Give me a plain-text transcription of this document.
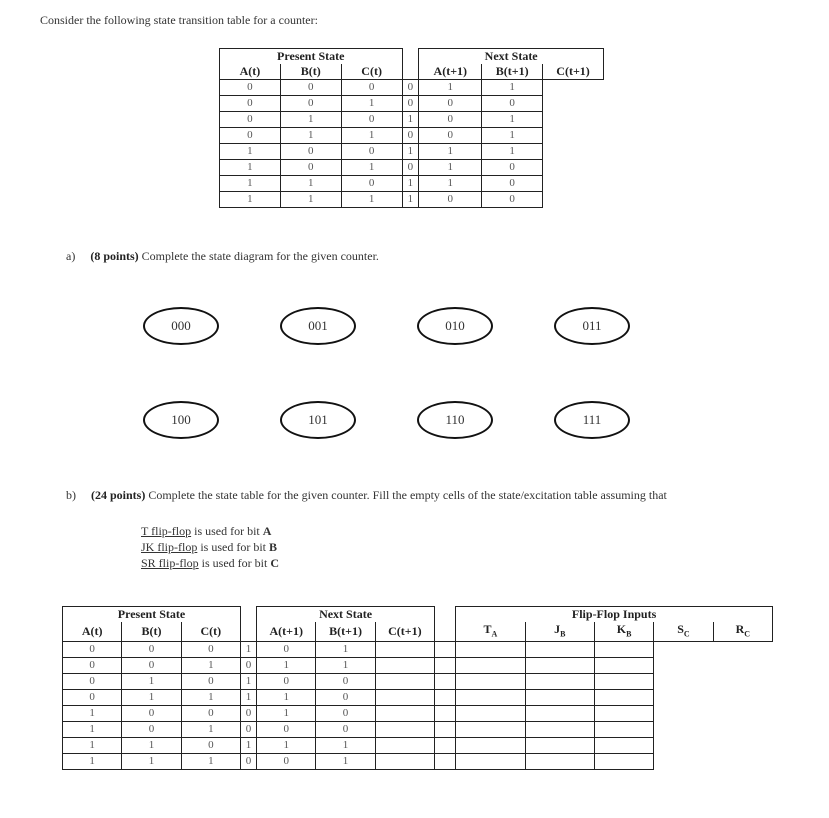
Consider the following state transition table for a counter:
Present State				Next State		
A(t)	B(t)	C(t)		A(t+1)	B(t+1)	C(t+1)
0	0	0	0	1	1	
0	0	1	0	0	0	
0	1	0	1	0	1	
0	1	1	0	0	1	
1	0	0	1	1	1	
1	0	1	0	1	0	
1	1	0	1	1	0	
1	1	1	1	0	0	
a) (8 points) Complete the state diagram for the given counter.
000	001	010	011
100	101	110	111
b) (24 points) Complete the state table for the given counter. Fill the empty cells of the state/excitation table assuming that
T flip-flop is used for bit A
JK flip-flop is used for bit B
SR flip-flop is used for bit C
Present State				Next State				Flip-Flop Inputs				
A(t)	B(t)	C(t)		A(t+1)	B(t+1)	C(t+1)		$T_A$	$J_B$	$K_B$	$S_C$	$R_C$
0	0	0	1	0	1							
0	0	1	0	1	1							
0	1	0	1	0	0							
0	1	1	1	1	0							
1	0	0	0	1	0							
1	0	1	0	0	0							
1	1	0	1	1	1							
1	1	1	0	0	1							
